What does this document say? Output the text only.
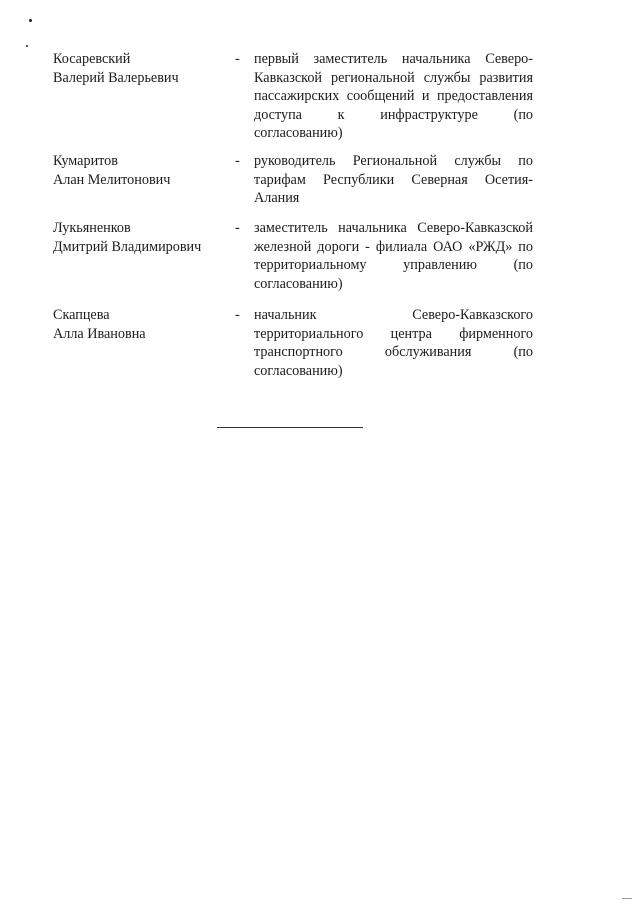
Косаревский
Валерий Валерьевич
- первый заместитель начальника Северо-
Кавказской региональной службы развития
пассажирских сообщений и предоставления
доступа к инфраструктуре (по
согласованию)
Кумаритов
Алан Мелитонович
- руководитель Региональной службы по
тарифам Республики Северная Осетия-
Алания
Лукьяненков
Дмитрий Владимирович
- заместитель начальника Северо-Кавказской
железной дороги - филиала ОАО «РЖД» по
территориальному управлению (по
согласованию)
Скапцева
Алла Ивановна
- начальник Северо-Кавказского
территориального центра фирменного
транспортного обслуживания (по
согласованию)
